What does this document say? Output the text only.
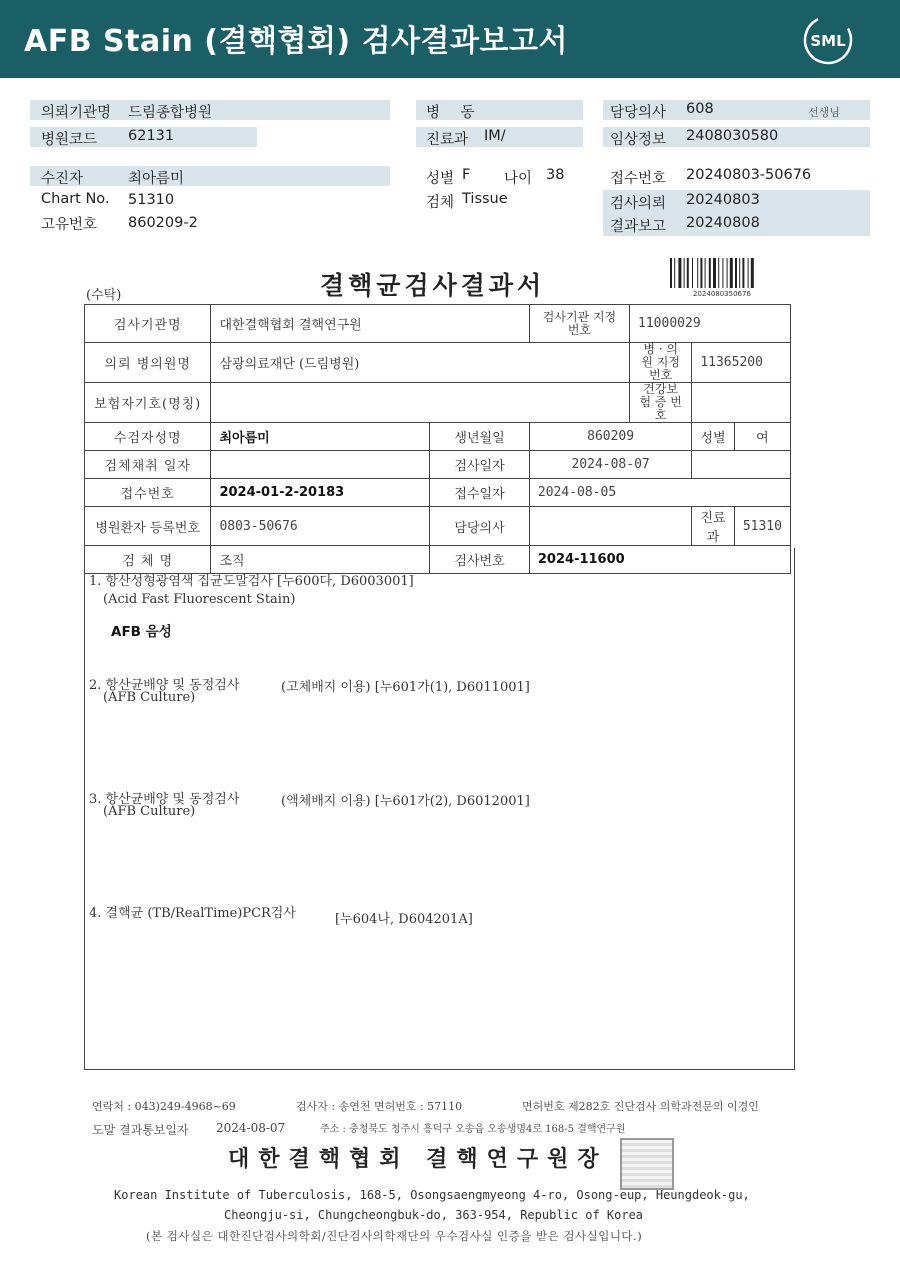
AFB Stain (결핵협회) 검사결과보고서	SML
의뢰기관명 드림종합병원
병원코드 62131
병 동
진료과 IM/
담당의사 608	선생님
임상정보 2408030580
수진자	최아름미
Chart No. 51310
고유번호 860209-2
성별 F 나이 38
검체 Tissue
접수번호 20240803-50676
검사의뢰 20240803
결과보고 20240808
(수탁)	결핵균검사결과서	2024080350676
검사기관명	대한결핵협회 결핵연구원		검사기관 지정번호	11000029		
의뢰 병의원명	삼광의료재단 (드림병원)			병 · 의원 지정번호	11365200	
보험자기호(명칭)				건강보험 증 번 호		
수검자성명	최아름미	생년월일	860209		성별	여
검체채취 일자		검사일자	2024-08-07			
접수번호	2024-01-2-20183	접수일자	2024-08-05			
병원환자 등록번호	0803-50676	담당의사			진료과	51310
검 체 명	조직	검사번호	2024-11600			
1. 항산성형광염색 집균도말검사 [누600다, D6003001]
(Acid Fast Fluorescent Stain)
AFB 음성
2. 항산균배양 및 동정검사	(고체배지 이용) [누601가(1), D6011001]
(AFB Culture)
3. 항산균배양 및 동정검사	(액체배지 이용) [누601가(2), D6012001]
(AFB Culture)
4. 결핵균 (TB/RealTime)PCR검사	[누604나, D604201A]
연락처 : 043)249-4968~69	검사자 : 송연천 면허번호 : 57110	면허번호 제282호 진단검사 의학과전문의 이경인
도말 결과통보일자 2024-08-07	주소 : 충청북도 청주시 흥덕구 오송읍 오송생명4로 168-5 결핵연구원
대한결핵협회 결핵연구원장
Korean Institute of Tuberculosis, 168-5, Osongsaengmyeong 4-ro, Osong-eup, Heungdeok-gu,
Cheongju-si, Chungcheongbuk-do, 363-954, Republic of Korea
(본 검사실은 대한진단검사의학회/진단검사의학재단의 우수검사실 인증을 받은 검사실입니다.)
